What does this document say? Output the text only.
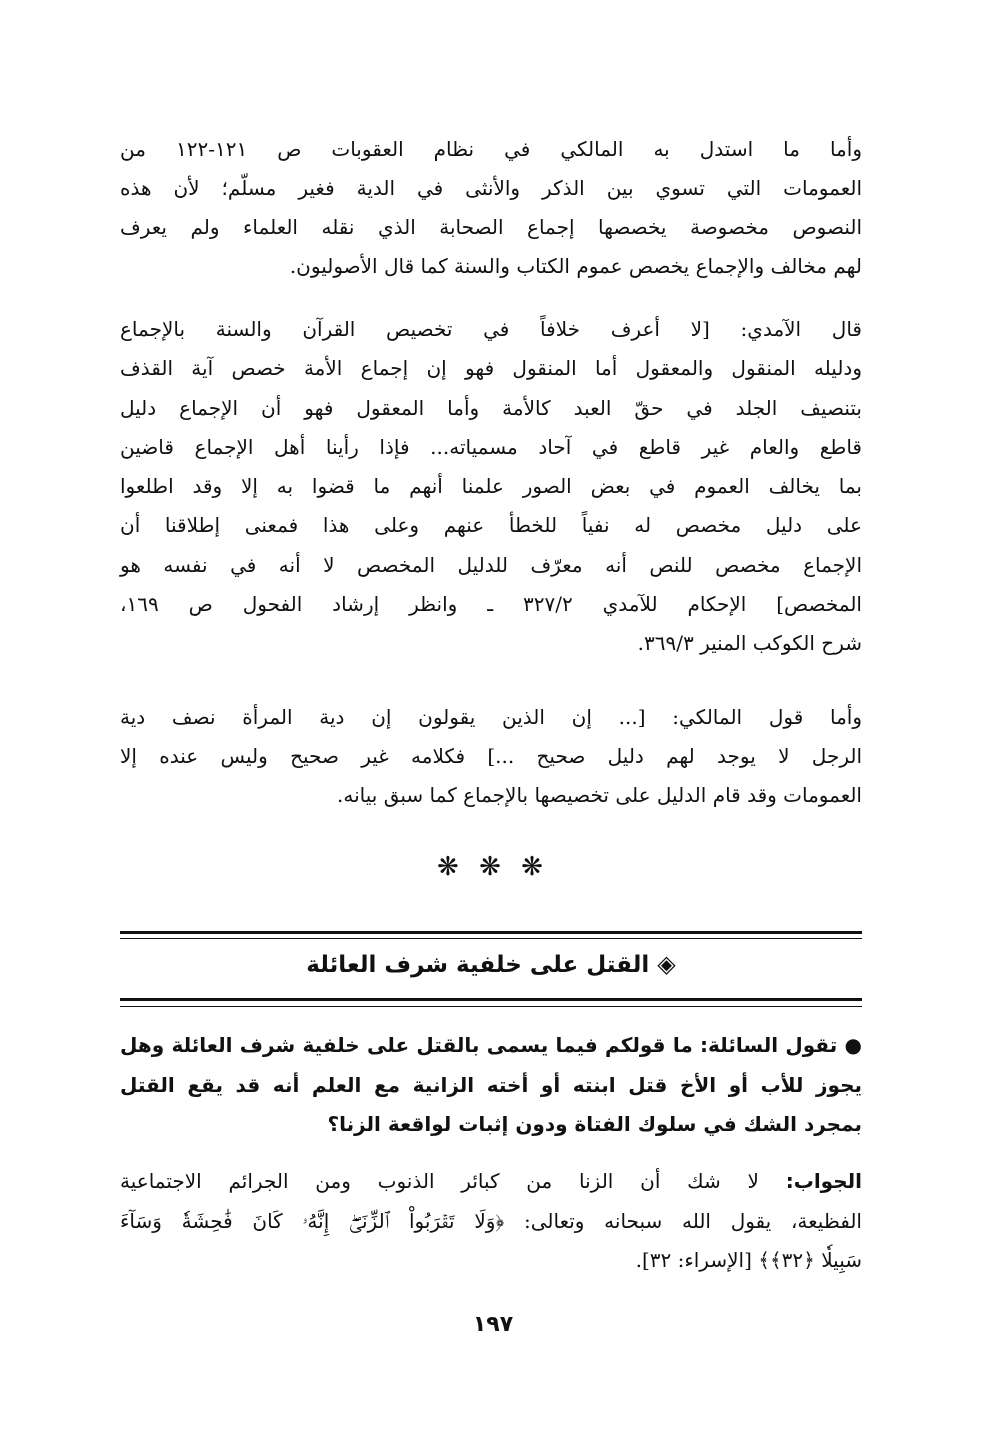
وأما ما استدل به المالكي في نظام العقوبات ص ١٢١-١٢٢ من
العمومات التي تسوي بين الذكر والأنثى في الدية فغير مسلّم؛ لأن هذه
النصوص مخصوصة يخصصها إجماع الصحابة الذي نقله العلماء ولم يعرف
لهم مخالف والإجماع يخصص عموم الكتاب والسنة كما قال الأصوليون.
قال الآمدي: [لا أعرف خلافاً في تخصيص القرآن والسنة بالإجماع
ودليله المنقول والمعقول أما المنقول فهو إن إجماع الأمة خصص آية القذف
بتنصيف الجلد في حقّ العبد كالأمة وأما المعقول فهو أن الإجماع دليل
قاطع والعام غير قاطع في آحاد مسمياته... فإذا رأينا أهل الإجماع قاضين
بما يخالف العموم في بعض الصور علمنا أنهم ما قضوا به إلا وقد اطلعوا
على دليل مخصص له نفياً للخطأ عنهم وعلى هذا فمعنى إطلاقنا أن
الإجماع مخصص للنص أنه معرّف للدليل المخصص لا أنه في نفسه هو
المخصص] الإحكام للآمدي ٣٢٧/٢ ـ وانظر إرشاد الفحول ص ١٦٩،
شرح الكوكب المنير ٣٦٩/٣.
وأما قول المالكي: [... إن الذين يقولون إن دية المرأة نصف دية
الرجل لا يوجد لهم دليل صحيح ...] فكلامه غير صحيح وليس عنده إلا
العمومات وقد قام الدليل على تخصيصها بالإجماع كما سبق بيانه.
● تقول السائلة: ما قولكم فيما يسمى بالقتل على خلفية شرف العائلة وهل
يجوز للأب أو الأخ قتل ابنته أو أخته الزانية مع العلم أنه قد يقع القتل
بمجرد الشك في سلوك الفتاة ودون إثبات لواقعة الزنا؟
الجواب: لا شك أن الزنا من كبائر الذنوب ومن الجرائم الاجتماعية
الفظيعة، يقول الله سبحانه وتعالى: ﴿وَلَا تَقۡرَبُواْ ٱلزِّنَىٰٓۖ إِنَّهُۥ كَانَ فَٰحِشَةٗ وَسَآءَ
سَبِيلٗا ﴿٣٢﴾﴾ [الإسراء: ٣٢].
❋ ❋ ❋
◈القتل على خلفية شرف العائلة
١٩٧
